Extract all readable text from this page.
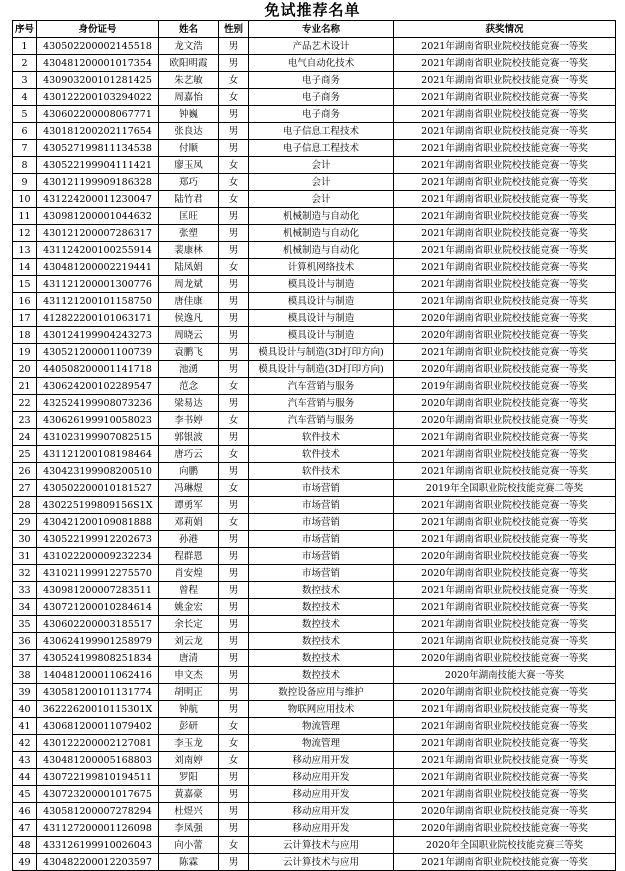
免试推荐名单
序号	身份证号	姓名	性别	专业名称	获奖情况
1	430502200002145518	龙文浩	男	产品艺术设计	2021年湖南省职业院校技能竞赛一等奖
2	430481200001017354	欧阳明霞	男	电气自动化技术	2021年湖南省职业院校技能竞赛一等奖
3	430903200101281425	朱艺敏	女	电子商务	2021年湖南省职业院校技能竞赛一等奖
4	430122200103294022	周嘉怡	女	电子商务	2021年湖南省职业院校技能竞赛一等奖
5	430602200008067771	钟巍	男	电子商务	2021年湖南省职业院校技能竞赛一等奖
6	430181200202117654	张良达	男	电子信息工程技术	2021年湖南省职业院校技能竞赛一等奖
7	430527199811134538	付顺	男	电子信息工程技术	2021年湖南省职业院校技能竞赛一等奖
8	430522199904111421	廖玉凤	女	会计	2021年湖南省职业院校技能竞赛一等奖
9	430121199909186328	郑巧	女	会计	2021年湖南省职业院校技能竞赛一等奖
10	431224200011230047	陆竹君	女	会计	2021年湖南省职业院校技能竞赛一等奖
11	430981200001044632	匡旺	男	机械制造与自动化	2021年湖南省职业院校技能竞赛一等奖
12	430121200007286317	张塑	男	机械制造与自动化	2021年湖南省职业院校技能竞赛一等奖
13	431124200100255914	裴康林	男	机械制造与自动化	2021年湖南省职业院校技能竞赛一等奖
14	430481200002219441	陆凤娟	女	计算机网络技术	2021年湖南省职业院校技能竞赛一等奖
15	431121200001300776	周龙斌	男	模具设计与制造	2021年湖南省职业院校技能竞赛一等奖
16	431121200101158750	唐佳康	男	模具设计与制造	2021年湖南省职业院校技能竞赛一等奖
17	412822200101063171	侯逸凡	男	模具设计与制造	2020年湖南省职业院校技能竞赛一等奖
18	430124199904243273	周晓云	男	模具设计与制造	2020年湖南省职业院校技能竞赛一等奖
19	430521200001100739	袁鹏飞	男	模具设计与制造(3D打印方向)	2021年湖南省职业院校技能竞赛一等奖
20	440508200001141718	池湧	男	模具设计与制造(3D打印方向)	2020年湖南省职业院校技能竞赛一等奖
21	430624200102289547	范念	女	汽车营销与服务	2019年湖南省职业院校技能竞赛一等奖
22	432524199908073236	梁易达	男	汽车营销与服务	2020年湖南省职业院校技能竞赛一等奖
23	430626199910058023	李书婷	女	汽车营销与服务	2020年湖南省职业院校技能竞赛一等奖
24	431023199907082515	郭银波	男	软件技术	2021年湖南省职业院校技能竞赛一等奖
25	431121200108198464	唐巧云	女	软件技术	2021年湖南省职业院校技能竞赛一等奖
26	430423199908200510	向鹏	男	软件技术	2021年湖南省职业院校技能竞赛一等奖
27	430502200010181527	冯琳煜	女	市场营销	2019年全国职业院校技能竞赛二等奖
28	430225199809156S1X	谭勇军	男	市场营销	2021年湖南省职业院校技能竞赛一等奖
29	430421200109081888	邓莉娟	女	市场营销	2021年湖南省职业院校技能竞赛一等奖
30	430522199912202673	孙港	男	市场营销	2021年湖南省职业院校技能竞赛一等奖
31	431022200009232234	程群恩	男	市场营销	2020年湖南省职业院校技能竞赛一等奖
32	431021199912275570	肖安煌	男	市场营销	2020年湖南省职业院校技能竞赛一等奖
33	430981200007283511	曾程	男	数控技术	2021年湖南省职业院校技能竞赛一等奖
34	430721200010284614	姚金宏	男	数控技术	2021年湖南省职业院校技能竞赛一等奖
35	430602200003185517	余长定	男	数控技术	2021年湖南省职业院校技能竞赛一等奖
36	430624199901258979	刘云龙	男	数控技术	2021年湖南省职业院校技能竞赛一等奖
37	430524199808251834	唐清	男	数控技术	2020年湖南省职业院校技能竞赛一等奖
38	140481200011062416	申文杰	男	数控技术	2020年湖南技能大赛一等奖
39	430581200101131774	胡明正	男	数控设备应用与维护	2020年湖南省职业院校技能竞赛一等奖
40	36222620010115301X	钟航	男	物联网应用技术	2021年湖南省职业院校技能竞赛一等奖
41	430681200011079402	彭研	女	物流管理	2021年湖南省职业院校技能竞赛一等奖
42	430122200002127081	李玉龙	女	物流管理	2021年湖南省职业院校技能竞赛一等奖
43	430481200005168803	刘南婷	女	移动应用开发	2021年湖南省职业院校技能竞赛一等奖
44	430722199810194511	罗阳	男	移动应用开发	2021年湖南省职业院校技能竞赛一等奖
45	430723200001017675	黄嘉豪	男	移动应用开发	2021年湖南省职业院校技能竞赛一等奖
46	430581200007278294	杜煜兴	男	移动应用开发	2020年湖南省职业院校技能竞赛一等奖
47	431127200001126098	李凤强	男	移动应用开发	2020年湖南省职业院校技能竞赛一等奖
48	433126199910026043	向小蕾	女	云计算技术与应用	2020年全国职业院校技能竞赛三等奖
49	430482200012203597	陈霖	男	云计算技术与应用	2021年湖南省职业院校技能竞赛一等奖
